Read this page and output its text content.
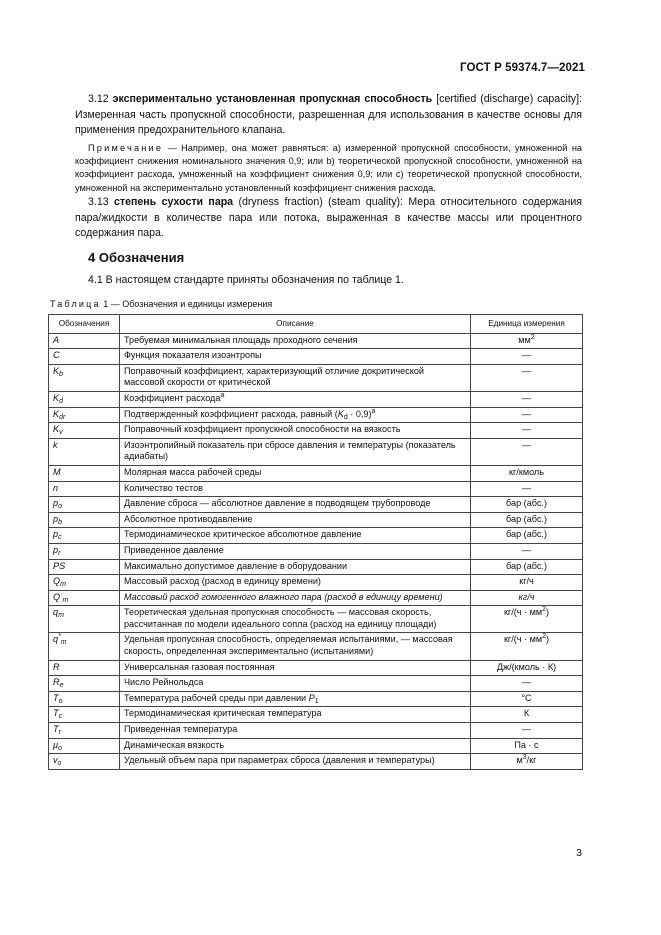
ГОСТ Р 59374.7—2021
3.12 экспериментально установленная пропускная способность [certified (discharge) capacity]: Измеренная часть пропускной способности, разрешенная для использования в качестве основы для применения предохранительного клапана.
Примечание — Например, она может равняться: а) измеренной пропускной способности, умноженной на коэффициент снижения номинального значения 0,9; или b) теоретической пропускной способности, умноженной на коэффициент расхода, умноженный на коэффициент снижения 0,9; или с) теоретической пропускной способности, умноженной на экспериментально установленный коэффициент снижения расхода.
3.13 степень сухости пара (dryness fraction) (steam quality): Мера относительного содержания пара/жидкости в количестве пара или потока, выраженная в качестве массы или процентного содержания пара.
4 Обозначения
4.1 В настоящем стандарте приняты обозначения по таблице 1.
Таблица 1 — Обозначения и единицы измерения
Обозначения	Описание	Единица измерения
A	Требуемая минимальная площадь проходного сечения	$мм^2$
C	Функция показателя изоэнтропы	—
$K_b$	Поправочный коэффициент, характеризующий отличие докритической массовой скорости от критической	—
$K_d$	Коэффициент расхода$^а$	—
$K_{dr}$	Подтвержденный коэффициент расхода, равный $(K_d \cdot 0,9)^а$	—
$K_v$	Поправочный коэффициент пропускной способности на вязкость	—
k	Изоэнтропийный показатель при сбросе давления и температуры (показатель адиабаты)	—
M	Молярная масса рабочей среды	кг/кмоль
n	Количество тестов	—
$p_o$	Давление сброса — абсолютное давление в подводящем трубопроводе	бар (абс.)
$p_b$	Абсолютное противодавление	бар (абс.)
$p_c$	Термодинамическое критическое абсолютное давление	бар (абс.)
$p_r$	Приведенное давление	—
PS	Максимально допустимое давление в оборудовании	бар (абс.)
$Q_m$	Массовый расход (расход в единицу времени)	кг/ч
$Q^\cdot_m$	Массовый расход гомогенного влажного пара (расход в единицу времени)	кг/ч
$q_m$	Теоретическая удельная пропускная способность — массовая скорость, рассчитанная по модели идеального сопла (расход на единицу площади)	$кг/(ч \cdot мм^2)$
$q^*_m$	Удельная пропускная способность, определяемая испытаниями, — массовая скорость, определенная экспериментально (испытаниями)	$кг/(ч \cdot мм^2)$
R	Универсальная газовая постоянная	Дж/(кмоль · К)
$R_e$	Число Рейнольдса	—
$T_o$	Температура рабочей среды при давлении $P_1$	°С
$T_c$	Термодинамическая критическая температура	К
$T_r$	Приведенная температура	—
$\mu_o$	Динамическая вязкость	Па · с
$v_o$	Удельный объем пара при параметрах сброса (давления и температуры)	$м^3/кг$
3
